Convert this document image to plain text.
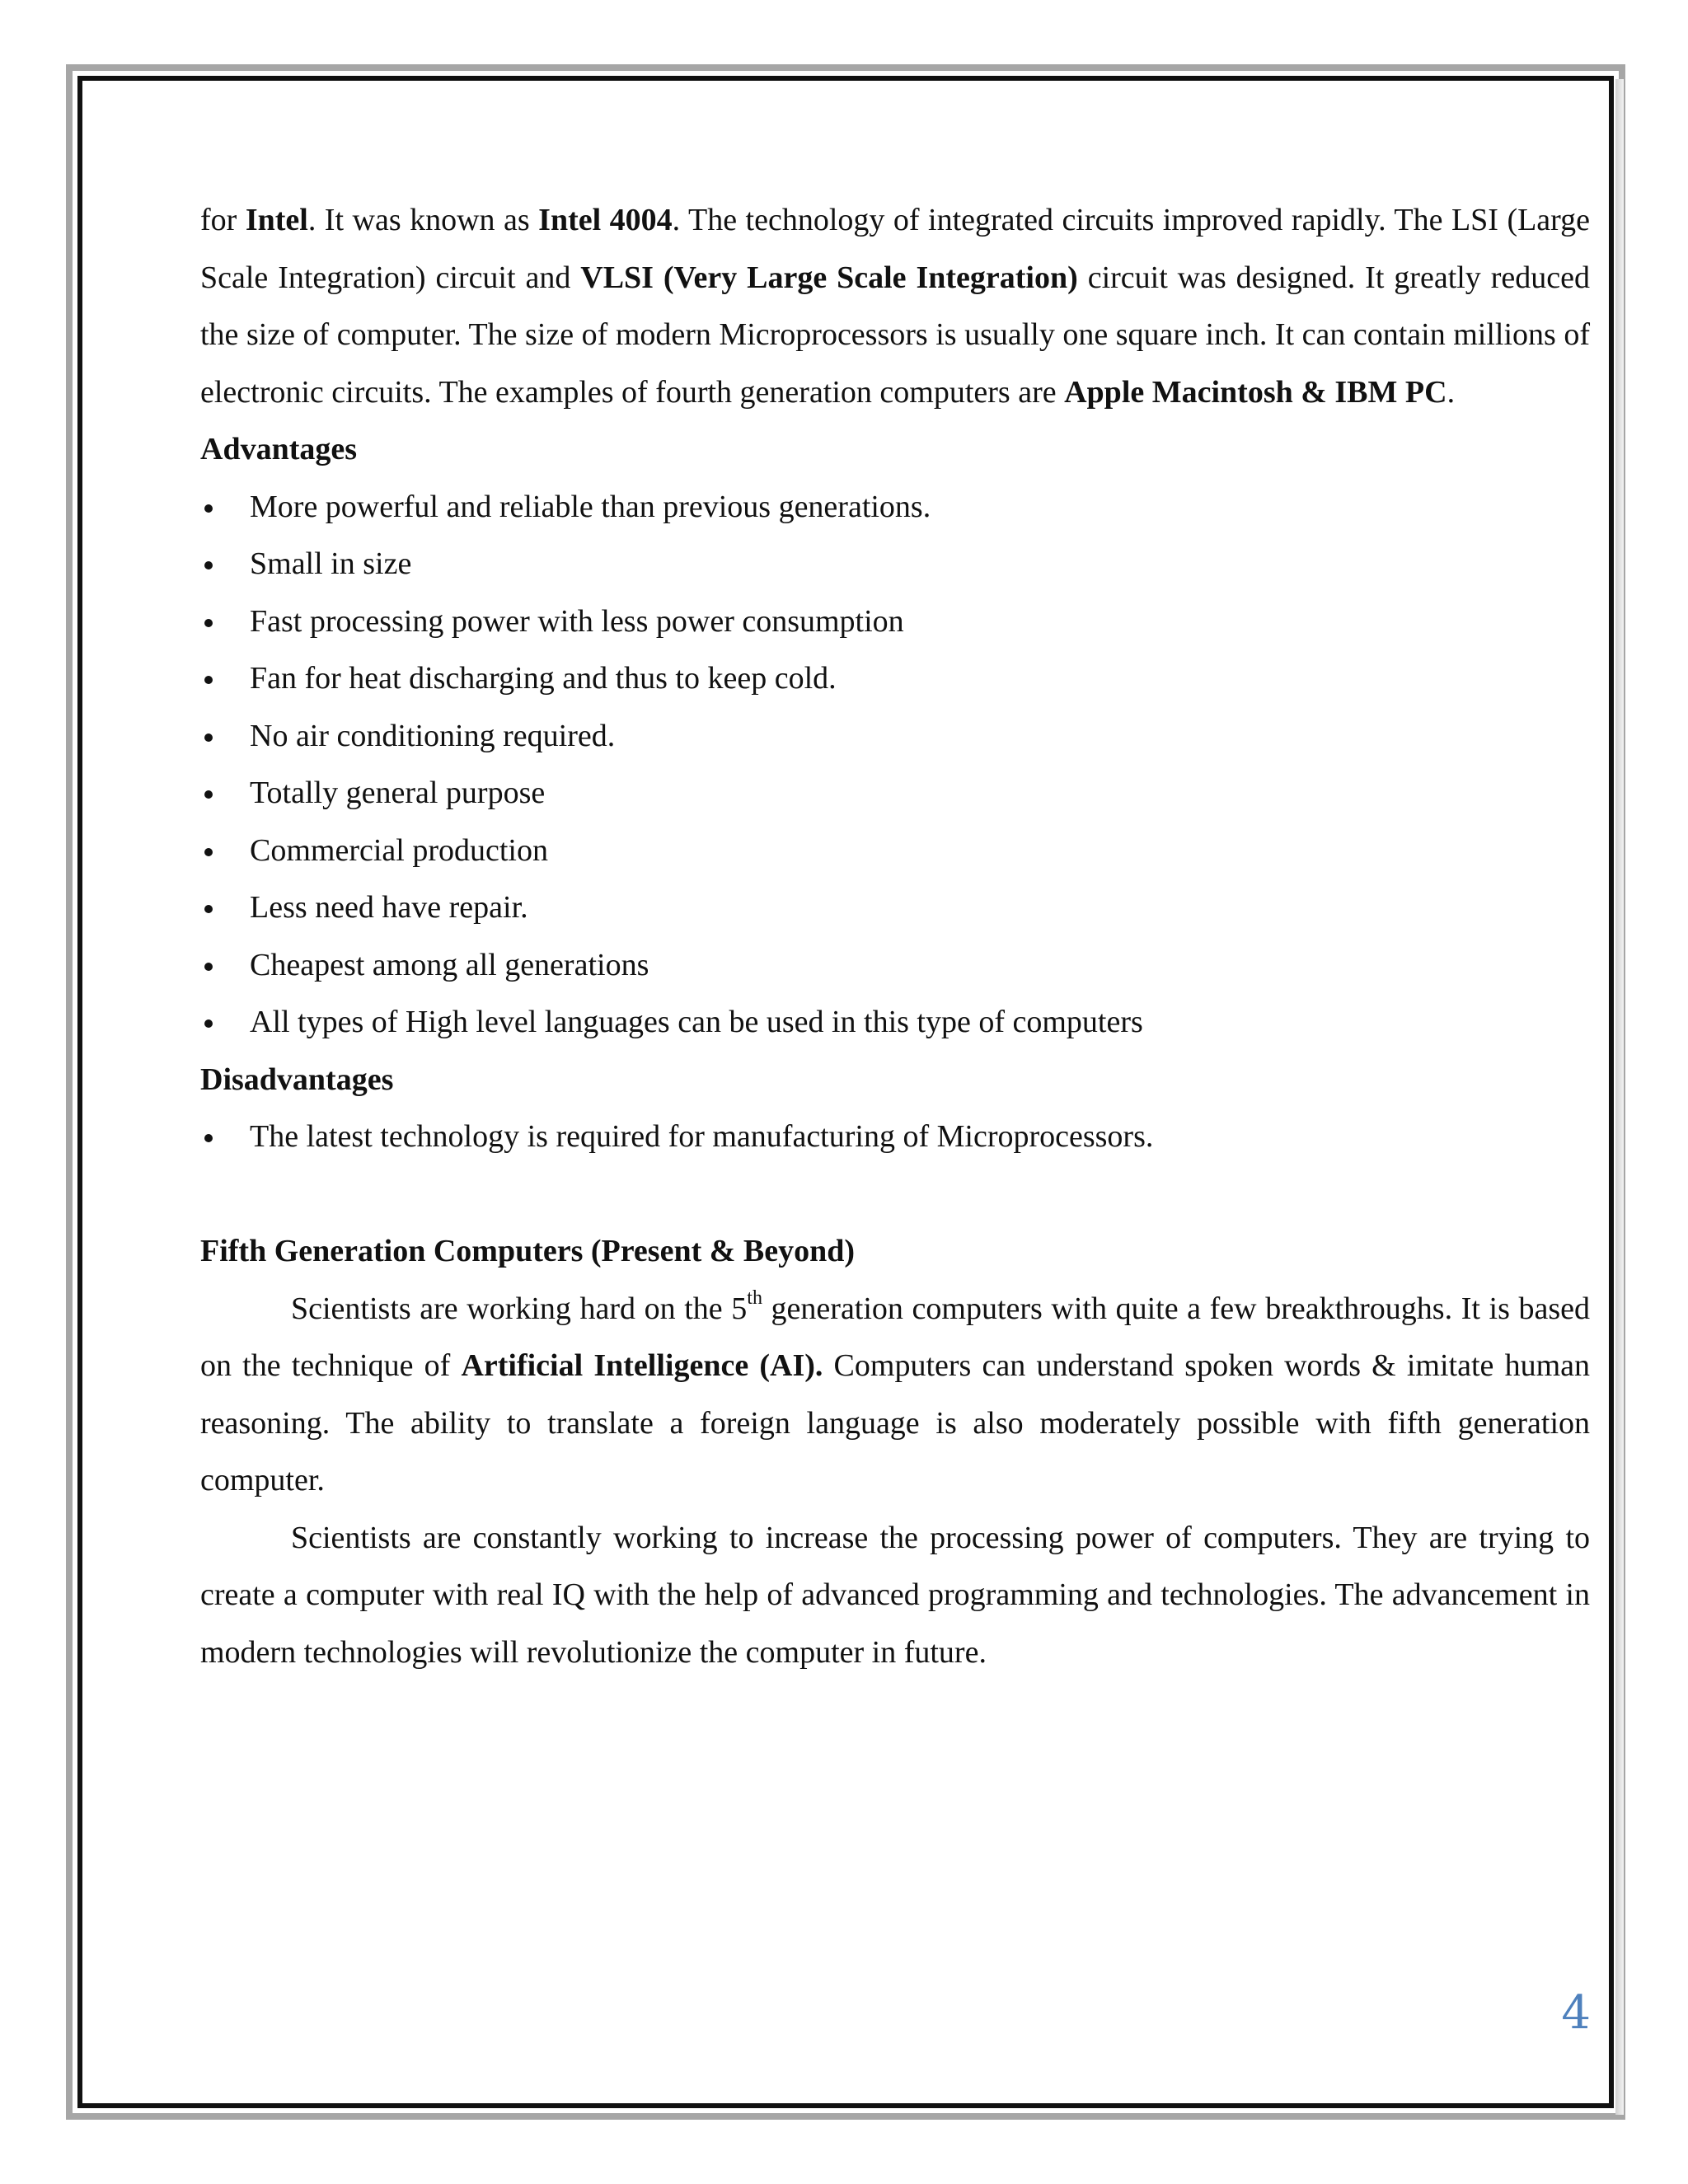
for Intel. It was known as Intel 4004. The technology of integrated circuits improved rapidly. The LSI (Large Scale Integration) circuit and VLSI (Very Large Scale Integration) circuit was designed. It greatly reduced the size of computer. The size of modern Microprocessors is usually one square inch. It can contain millions of electronic circuits. The examples of fourth generation computers are Apple Macintosh & IBM PC.

Advantages

More powerful and reliable than previous generations.
Small in size
Fast processing power with less power consumption
Fan for heat discharging and thus to keep cold.
No air conditioning required.
Totally general purpose
Commercial production
Less need have repair.
Cheapest among all generations
All types of High level languages can be used in this type of computers

Disadvantages

The latest technology is required for manufacturing of Microprocessors.

Fifth Generation Computers (Present & Beyond)

Scientists are working hard on the 5th generation computers with quite a few breakthroughs. It is based on the technique of Artificial Intelligence (AI). Computers can understand spoken words & imitate human reasoning. The ability to translate a foreign language is also moderately possible with fifth generation computer.

Scientists are constantly working to increase the processing power of computers. They are trying to create a computer with real IQ with the help of advanced programming and technologies. The advancement in modern technologies will revolutionize the computer in future.

4
